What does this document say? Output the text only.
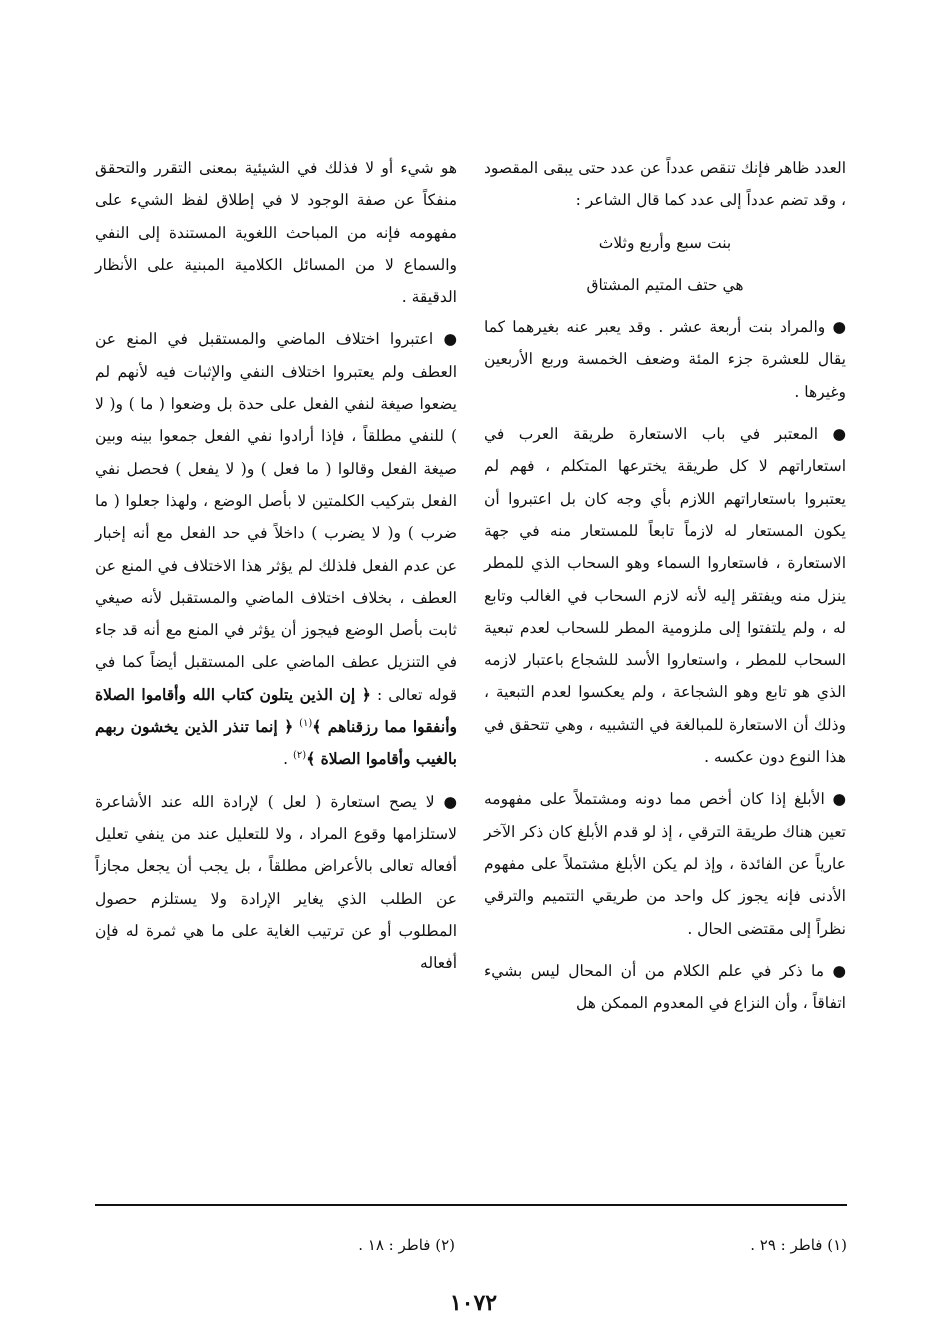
العدد ظاهر فإنك تنقص عدداً عن عدد حتى يبقى المقصود ، وقد تضم عدداً إلى عدد كما قال الشاعر :

بنت سبع وأربع وثلاث

هي حتف المتيم المشتاق

● والمراد بنت أربعة عشر . وقد يعبر عنه بغيرهما كما يقال للعشرة جزء المئة وضعف الخمسة وربع الأربعين وغيرها .

● المعتبر في باب الاستعارة طريقة العرب في استعاراتهم لا كل طريقة يخترعها المتكلم ، فهم لم يعتبروا باستعاراتهم اللازم بأي وجه كان بل اعتبروا أن يكون المستعار له لازماً تابعاً للمستعار منه في جهة الاستعارة ، فاستعاروا السماء وهو السحاب الذي للمطر ينزل منه ويفتقر إليه لأنه لازم السحاب في الغالب وتابع له ، ولم يلتفتوا إلى ملزومية المطر للسحاب لعدم تبعية السحاب للمطر ، واستعاروا الأسد للشجاع باعتبار لازمه الذي هو تابع وهو الشجاعة ، ولم يعكسوا لعدم التبعية ، وذلك أن الاستعارة للمبالغة في التشبيه ، وهي تتحقق في هذا النوع دون عكسه .

● الأبلغ إذا كان أخص مما دونه ومشتملاً على مفهومه تعين هناك طريقة الترقي ، إذ لو قدم الأبلغ كان ذكر الآخر عارياً عن الفائدة ، وإذ لم يكن الأبلغ مشتملاً على مفهوم الأدنى فإنه يجوز كل واحد من طريقي التتميم والترقي نظراً إلى مقتضى الحال .

● ما ذكر في علم الكلام من أن المحال ليس بشيء اتفاقاً ، وأن النزاع في المعدوم الممكن هل

هو شيء أو لا فذلك في الشيئية بمعنى التقرر والتحقق منفكاً عن صفة الوجود لا في إطلاق لفظ الشيء على مفهومه فإنه من المباحث اللغوية المستندة إلى النفي والسماع لا من المسائل الكلامية المبنية على الأنظار الدقيقة .

● اعتبروا اختلاف الماضي والمستقبل في المنع عن العطف ولم يعتبروا اختلاف النفي والإثبات فيه لأنهم لم يضعوا صيغة لنفي الفعل على حدة بل وضعوا ( ما ) و( لا ) للنفي مطلقاً ، فإذا أرادوا نفي الفعل جمعوا بينه وبين صيغة الفعل وقالوا ( ما فعل ) و( لا يفعل ) فحصل نفي الفعل بتركيب الكلمتين لا بأصل الوضع ، ولهذا جعلوا ( ما ضرب ) و( لا يضرب ) داخلاً في حد الفعل مع أنه إخبار عن عدم الفعل فلذلك لم يؤثر هذا الاختلاف في المنع عن العطف ، بخلاف اختلاف الماضي والمستقبل لأنه صيغي ثابت بأصل الوضع فيجوز أن يؤثر في المنع مع أنه قد جاء في التنزيل عطف الماضي على المستقبل أيضاً كما في قوله تعالى : ﴿ إن الذين يتلون كتاب الله وأقاموا الصلاة وأنفقوا مما رزقناهم ﴾$^{(١)}$ ﴿ إنما تنذر الذين يخشون ربهم بالغيب وأقاموا الصلاة ﴾$^{(٢)}$ .

● لا يصح استعارة ( لعل ) لإرادة الله عند الأشاعرة لاستلزامها وقوع المراد ، ولا للتعليل عند من ينفي تعليل أفعاله تعالى بالأعراض مطلقاً ، بل يجب أن يجعل مجازاً عن الطلب الذي يغاير الإرادة ولا يستلزم حصول المطلوب أو عن ترتيب الغاية على ما هي ثمرة له فإن أفعاله

(١) فاطر : ٢٩ .
(٢) فاطر : ١٨ .
١٠٧٢
